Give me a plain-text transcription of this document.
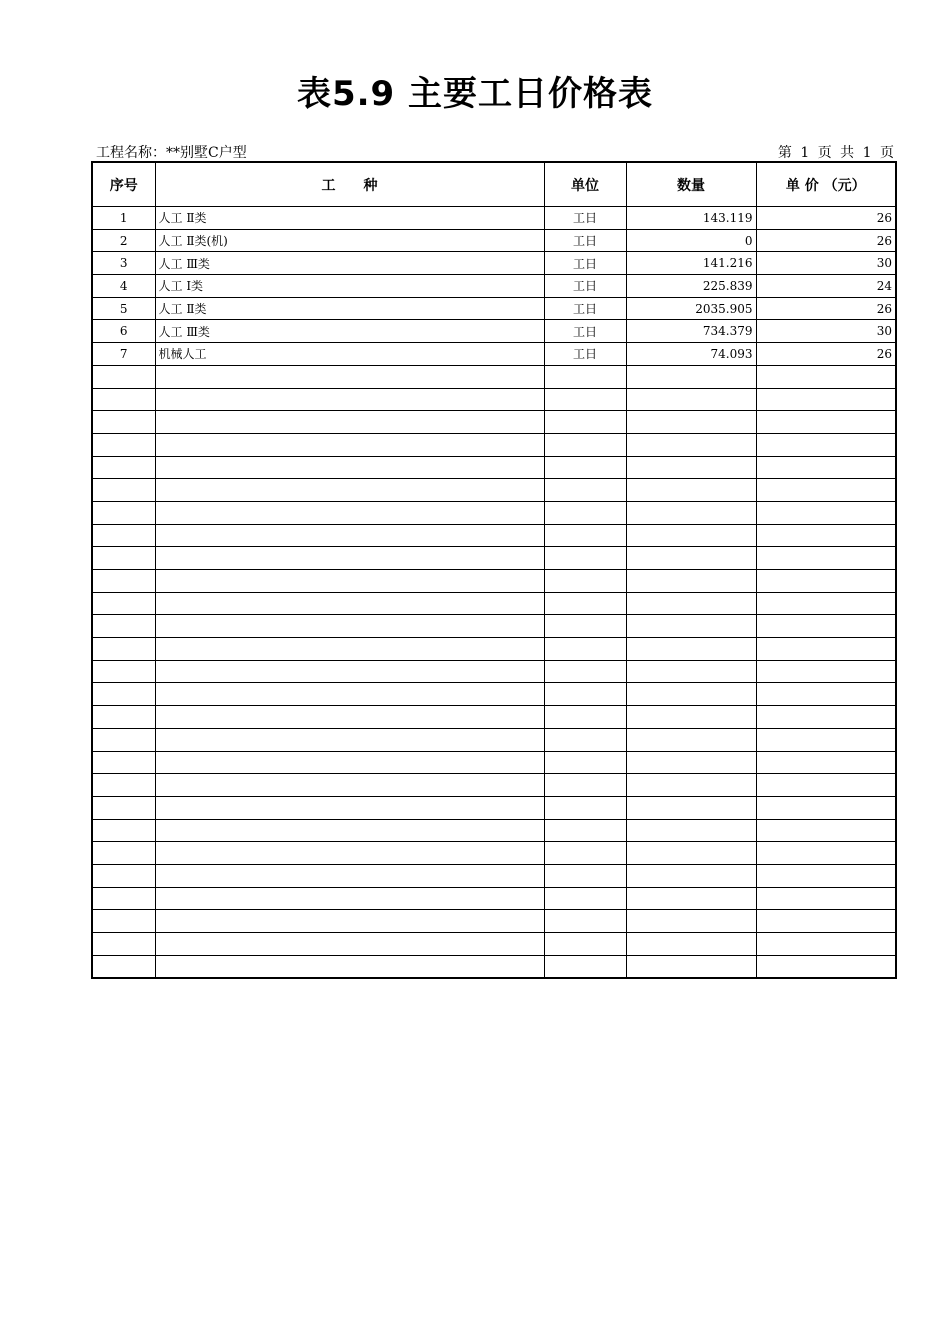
表5.9 主要工日价格表
工程名称：**别墅C户型	第 1 页 共 1 页
序号	工　　种	单位	数量	单 价 （元）
1	人工 Ⅱ类	工日	143.119	26
2	人工 Ⅱ类(机)	工日	0	26
3	人工 Ⅲ类	工日	141.216	30
4	人工 Ⅰ类	工日	225.839	24
5	人工 Ⅱ类	工日	2035.905	26
6	人工 Ⅲ类	工日	734.379	30
7	机械人工	工日	74.093	26
